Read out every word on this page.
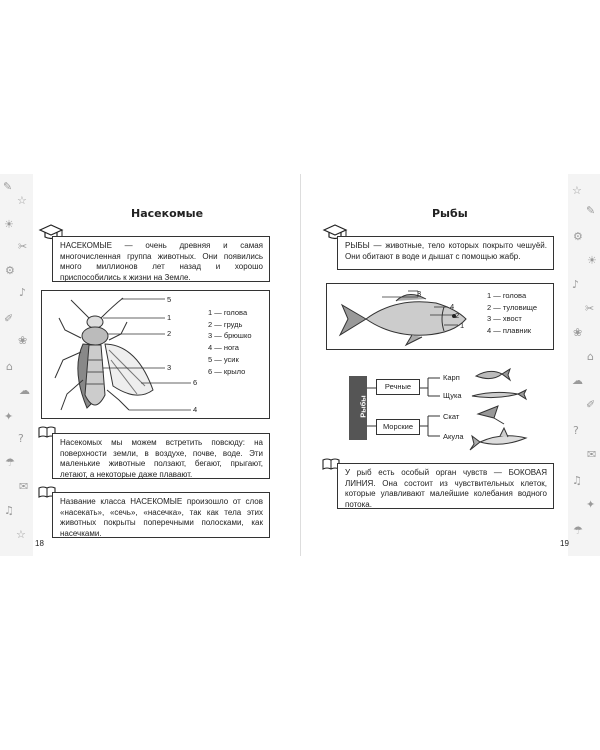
✎
☆
☀
✂
⚙
♪
✐
❀
⌂
☁
✦
?
☂
✉
♫
☆
☆
✎
⚙
☀
♪
✂
❀
⌂
☁
✐
?
✉
♫
✦
☂
Насекомые
НАСЕКОМЫЕ — очень древняя и самая многочисленная группа животных. Они появились много миллионов лет назад и хорошо приспособились к жизни на Земле.
5
1
2
3
6
4
1 — голова
2 — грудь
3 — брюшко
4 — нога
5 — усик
6 — крыло
Насекомых мы можем встретить повсюду: на поверхности земли, в воздухе, почве, воде. Эти маленькие животные ползают, бегают, прыгают, летают, а некоторые даже плавают.
Название класса НАСЕКОМЫЕ произошло от слов «насекать», «сечь», «насечка», так как тела этих животных покрыты поперечными полосками, как насечками.
18
Рыбы
РЫБЫ — животные, тело которых покрыто чешуёй. Они обитают в воде и дышат с помощью жабр.
3
4
2
1
1 — голова
2 — туловище
3 — хвост
4 — плавник
Рыбы
Речные
Морские
Карп
Щука
Скат
Акула
У рыб есть особый орган чувств — БОКОВАЯ ЛИНИЯ. Она состоит из чувствительных клеток, которые улавливают малейшие колебания водного потока.
19
